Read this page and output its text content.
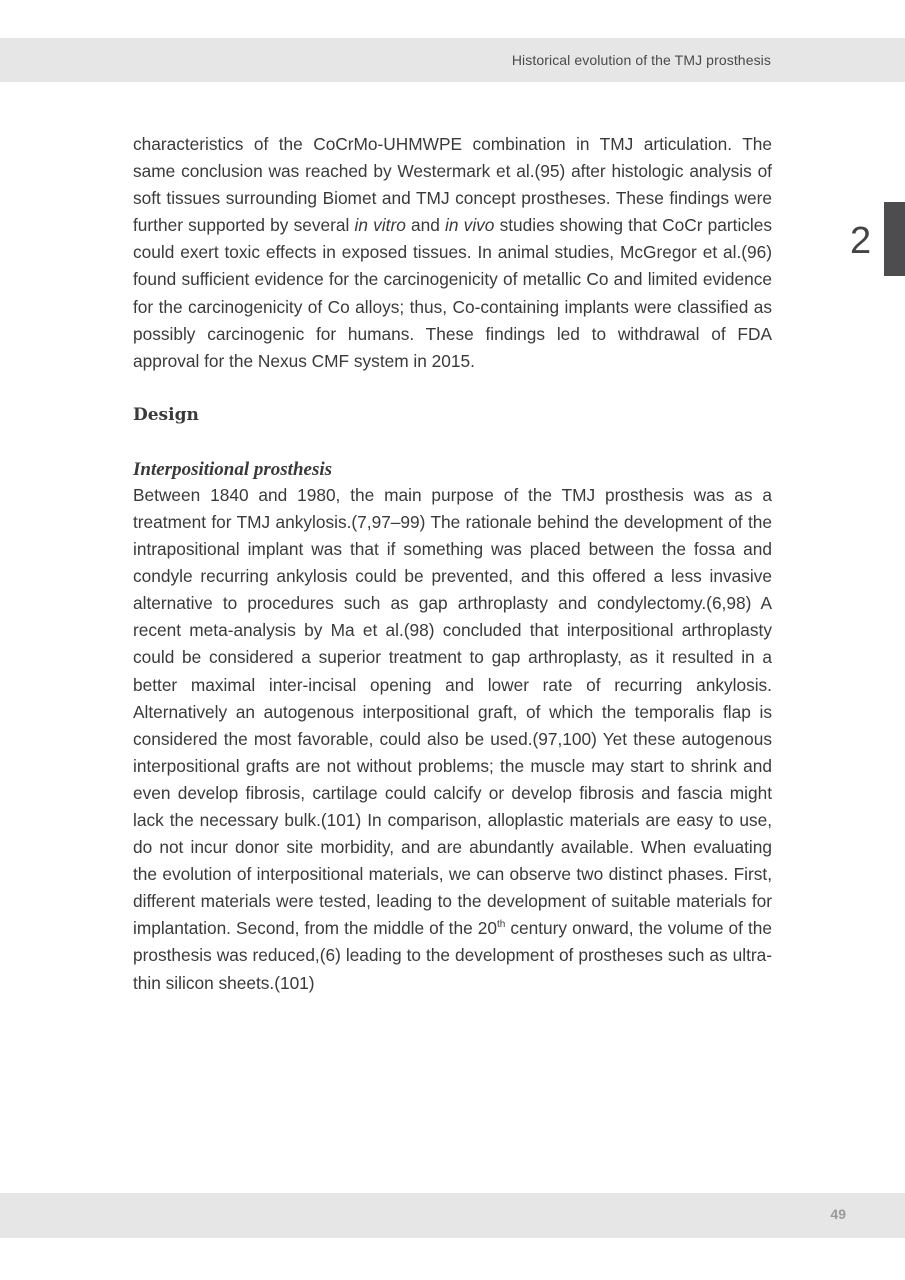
Historical evolution of the TMJ prosthesis
2

characteristics of the CoCrMo-UHMWPE combination in TMJ articulation. The same conclusion was reached by Westermark et al.(95) after histologic analysis of soft tissues surrounding Biomet and TMJ concept prostheses. These findings were further supported by several in vitro and in vivo studies showing that CoCr particles could exert toxic effects in exposed tissues. In animal studies, McGregor et al.(96) found sufficient evidence for the carcinogenicity of metallic Co and limited evidence for the carcinogenicity of Co alloys; thus, Co-containing implants were classified as possibly carcinogenic for humans. These findings led to withdrawal of FDA approval for the Nexus CMF system in 2015.

Design
Interpositional prosthesis

Between 1840 and 1980, the main purpose of the TMJ prosthesis was as a treatment for TMJ ankylosis.(7,97–99) The rationale behind the development of the intrapositional implant was that if something was placed between the fossa and condyle recurring ankylosis could be prevented, and this offered a less invasive alternative to procedures such as gap arthroplasty and condylectomy.(6,98) A recent meta-analysis by Ma et al.(98) concluded that interpositional arthroplasty could be considered a superior treatment to gap arthroplasty, as it resulted in a better maximal inter-incisal opening and lower rate of recurring ankylosis. Alternatively an autogenous interpositional graft, of which the temporalis flap is considered the most favorable, could also be used.(97,100) Yet these autogenous interpositional grafts are not without problems; the muscle may start to shrink and even develop fibrosis, cartilage could calcify or develop fibrosis and fascia might lack the necessary bulk.(101) In comparison, alloplastic materials are easy to use, do not incur donor site morbidity, and are abundantly available. When evaluating the evolution of interpositional materials, we can observe two distinct phases. First, different materials were tested, leading to the development of suitable materials for implantation. Second, from the middle of the 20th century onward, the volume of the prosthesis was reduced,(6) leading to the development of prostheses such as ultra-thin silicon sheets.(101)

49
